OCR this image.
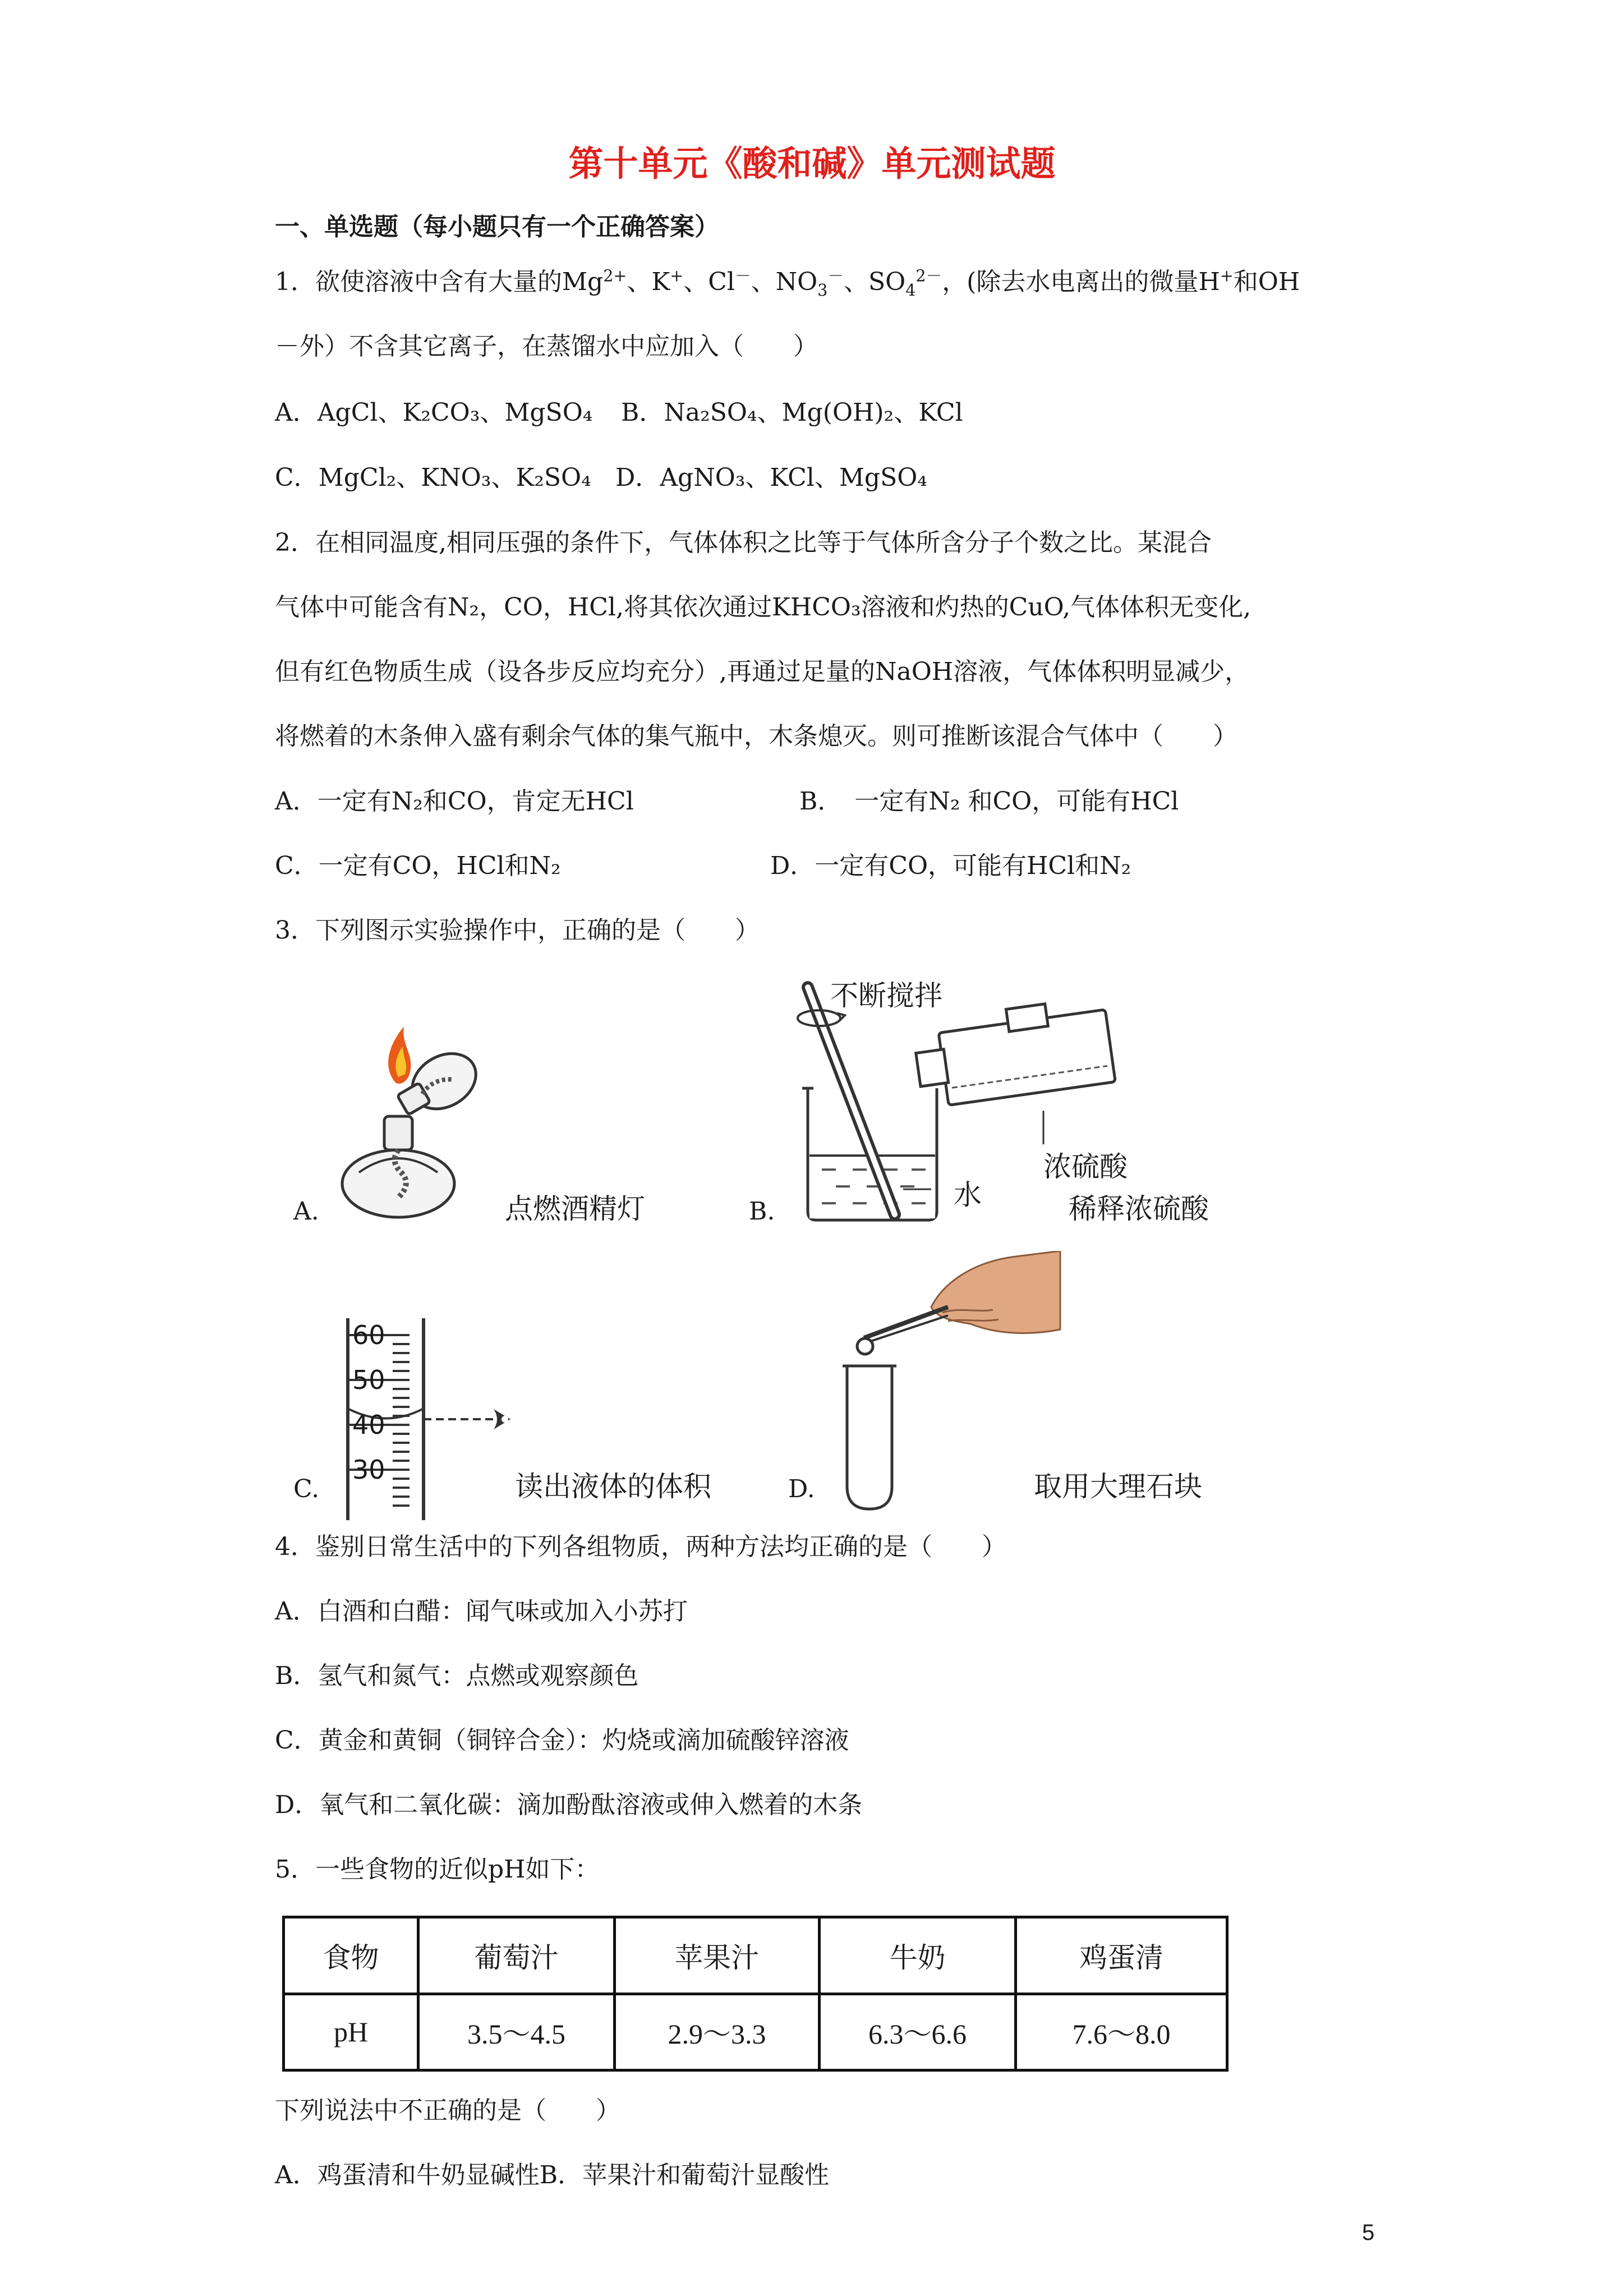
第十单元《酸和碱》单元测试题
一、单选题（每小题只有一个正确答案）
1．欲使溶液中含有大量的$Mg^{2+}$、K+、Cl－、$NO_3^-$、$SO_4^{2-}$，(除去水电离出的微量H+和OH
－外）不含其它离子，在蒸馏水中应加入（　　）
A．AgCl、K₂CO₃、MgSO₄ B．Na₂SO₄、Mg(OH)₂、KCl
C．MgCl₂、KNO₃、K₂SO₄ D．AgNO₃、KCl、MgSO₄
2．在相同温度,相同压强的条件下，气体体积之比等于气体所含分子个数之比。某混合
气体中可能含有N₂，CO，HCl,将其依次通过KHCO₃溶液和灼热的CuO,气体体积无变化,
但有红色物质生成（设各步反应均充分）,再通过足量的NaOH溶液，气体体积明显减少，
将燃着的木条伸入盛有剩余气体的集气瓶中，木条熄灭。则可推断该混合气体中（　　）
A．一定有N₂和CO，肯定无HCl	B．　一定有N₂ 和CO，可能有HCl
C．一定有CO，HCl和N₂	D．一定有CO，可能有HCl和N₂
3．下列图示实验操作中，正确的是（　　）
A.	点燃酒精灯
不断搅拌
浓硫酸
水
B.	稀释浓硫酸
60
50
40
30
C.	读出液体的体积	D.	取用大理石块
4．鉴别日常生活中的下列各组物质，两种方法均正确的是（　　）
A．白酒和白醋：闻气味或加入小苏打
B．氢气和氮气：点燃或观察颜色
C．黄金和黄铜（铜锌合金）：灼烧或滴加硫酸锌溶液
D．氧气和二氧化碳：滴加酚酞溶液或伸入燃着的木条
5．一些食物的近似pH如下：
食物	葡萄汁	苹果汁	牛奶	鸡蛋清
pH	3.5～4.5	2.9～3.3	6.3～6.6	7.6～8.0
下列说法中不正确的是（　　）
A．鸡蛋清和牛奶显碱性B．苹果汁和葡萄汁显酸性
5
